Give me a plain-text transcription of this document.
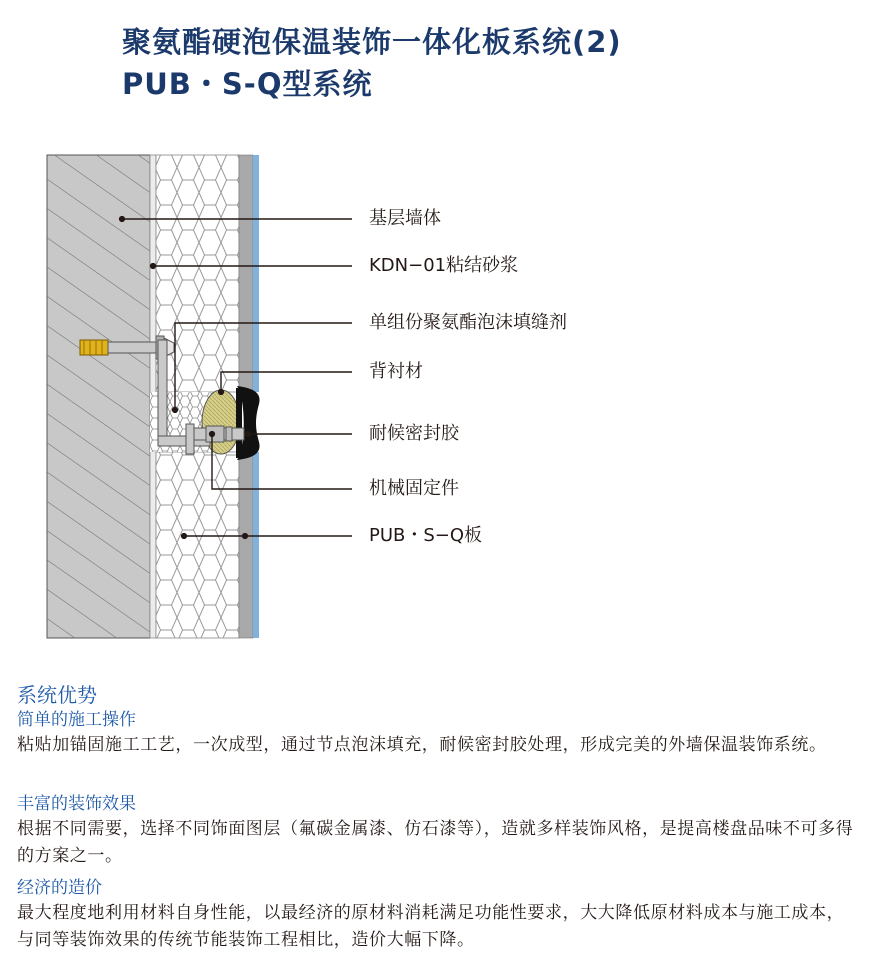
聚氨酯硬泡保温装饰一体化板系统(2)
PUB・S-Q型系统
基层墙体
KDN−01粘结砂浆
单组份聚氨酯泡沫填缝剂
背衬材
耐候密封胶
机械固定件
PUB・S−Q板
系统优势
简单的施工操作
粘贴加锚固施工工艺，一次成型，通过节点泡沫填充，耐候密封胶处理，形成完美的外墙保温装饰系统。
丰富的装饰效果
根据不同需要，选择不同饰面图层（氟碳金属漆、仿石漆等），造就多样装饰风格，是提高楼盘品味不可多得的方案之一。
经济的造价
最大程度地利用材料自身性能，以最经济的原材料消耗满足功能性要求，大大降低原材料成本与施工成本，与同等装饰效果的传统节能装饰工程相比，造价大幅下降。
